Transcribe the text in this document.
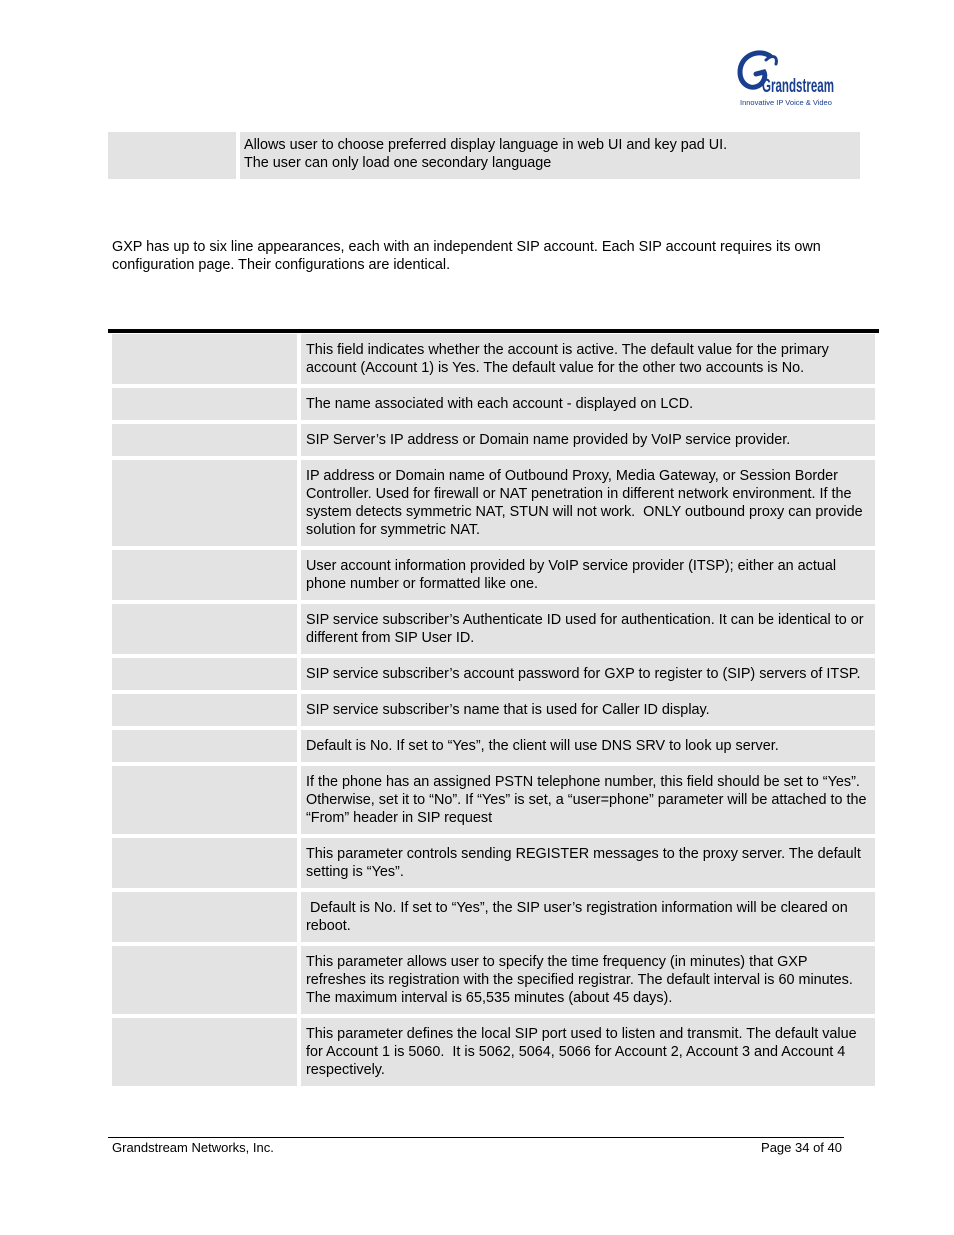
Grandstream
Innovative IP Voice & Video
Allows user to choose preferred display language in web UI and key pad UI.
The user can only load one secondary language
GXP has up to six line appearances, each with an independent SIP account. Each SIP account requires its own configuration page. Their configurations are identical.
This field indicates whether the account is active. The default value for the primary account (Account 1) is Yes. The default value for the other two accounts is No.
The name associated with each account - displayed on LCD.
SIP Server’s IP address or Domain name provided by VoIP service provider.
IP address or Domain name of Outbound Proxy, Media Gateway, or Session Border Controller. Used for firewall or NAT penetration in different network environment. If the system detects symmetric NAT, STUN will not work.  ONLY outbound proxy can provide solution for symmetric NAT.
User account information provided by VoIP service provider (ITSP); either an actual phone number or formatted like one.
SIP service subscriber’s Authenticate ID used for authentication. It can be identical to or different from SIP User ID.
SIP service subscriber’s account password for GXP to register to (SIP) servers of ITSP.
SIP service subscriber’s name that is used for Caller ID display.
Default is No. If set to “Yes”, the client will use DNS SRV to look up server.
If the phone has an assigned PSTN telephone number, this field should be set to “Yes”.  Otherwise, set it to “No”. If “Yes” is set, a “user=phone” parameter will be attached to the “From” header in SIP request
This parameter controls sending REGISTER messages to the proxy server. The default setting is “Yes”.
Default is No. If set to “Yes”, the SIP user’s registration information will be cleared on reboot.
This parameter allows user to specify the time frequency (in minutes) that GXP refreshes its registration with the specified registrar. The default interval is 60 minutes. The maximum interval is 65,535 minutes (about 45 days).
This parameter defines the local SIP port used to listen and transmit. The default value for Account 1 is 5060.  It is 5062, 5064, 5066 for Account 2, Account 3 and Account 4 respectively.
Grandstream Networks, Inc.	Page 34 of 40
